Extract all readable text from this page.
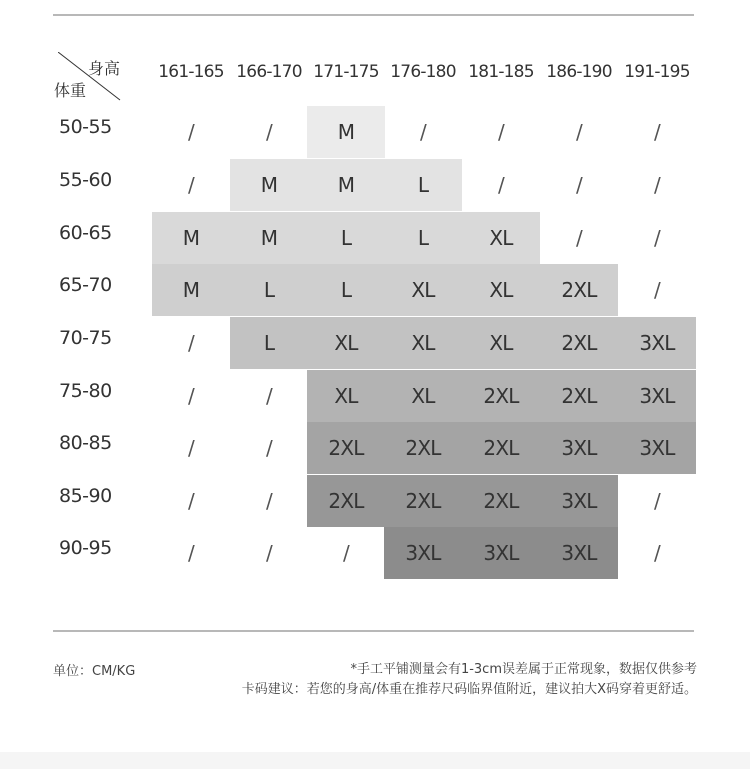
身高
体重
单位：CM/KG	*手工平铺测量会有1-3cm误差属于正常现象，数据仅供参考
卡码建议：若您的身高/体重在推荐尺码临界值附近，建议拍大X码穿着更舒适。
161-165 166-170 171-175 176-180 181-185 186-190 191-195
50-55	/	/	M	/	/	/	/
55-60	/	M	M	L	/	/	/
60-65	M	M	L	L	XL	/	/
65-70	M	L	L	XL	XL	2XL	/
70-75	/	L	XL	XL	XL	2XL	3XL
75-80	/	/	XL	XL	2XL	2XL	3XL
80-85	/	/	2XL	2XL	2XL	3XL	3XL
85-90	/	/	2XL	2XL	2XL	3XL	/
90-95	/	/	/	3XL	3XL	3XL	/
